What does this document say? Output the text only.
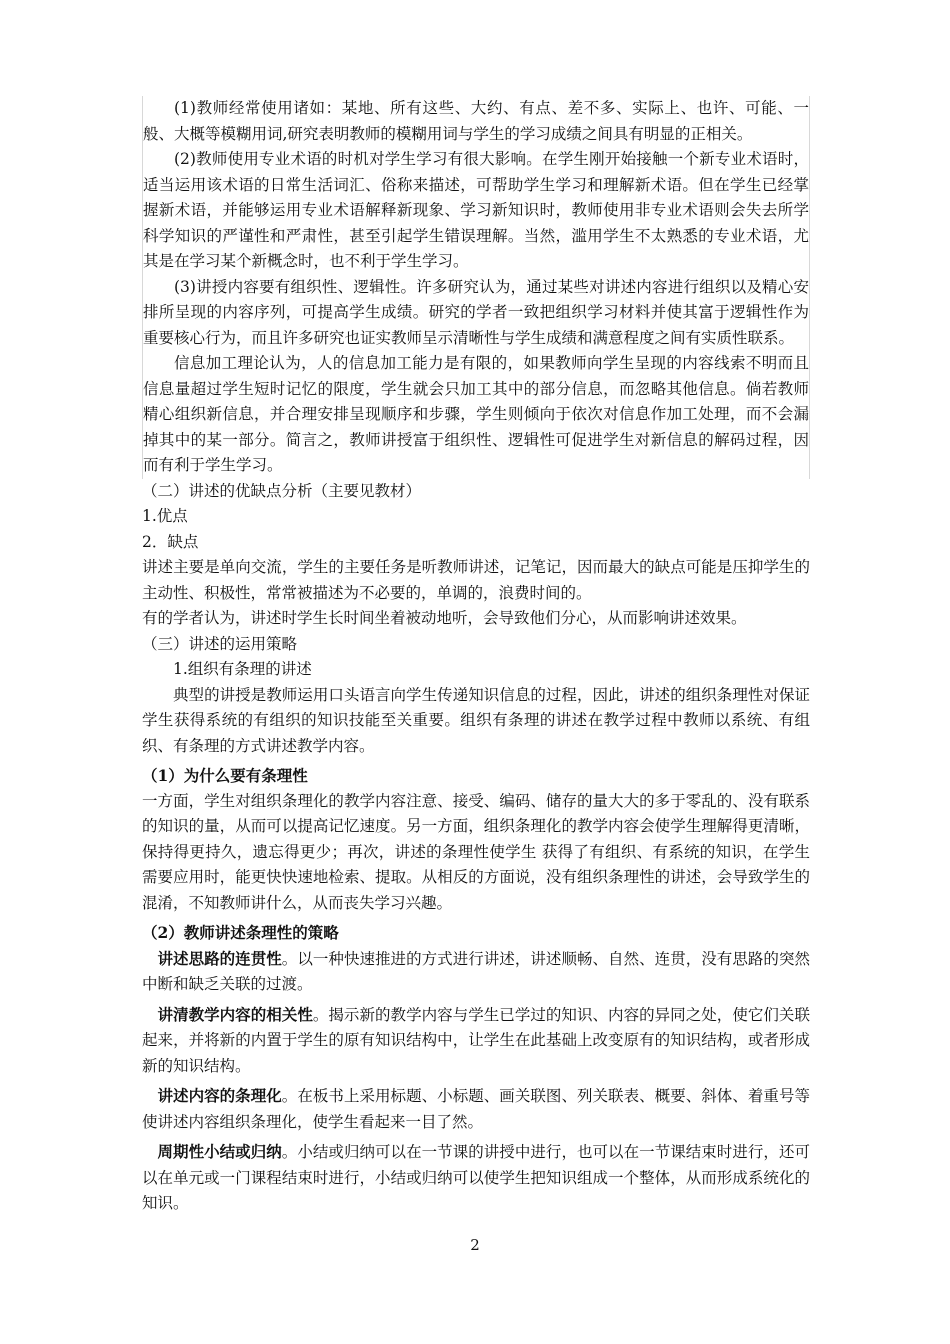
(1)教师经常使用诸如：某地、所有这些、大约、有点、差不多、实际上、也许、可能、一般、大概等模糊用词,研究表明教师的模糊用词与学生的学习成绩之间具有明显的正相关。

(2)教师使用专业术语的时机对学生学习有很大影响。在学生刚开始接触一个新专业术语时，适当运用该术语的日常生活词汇、俗称来描述，可帮助学生学习和理解新术语。但在学生已经掌握新术语，并能够运用专业术语解释新现象、学习新知识时，教师使用非专业术语则会失去所学科学知识的严谨性和严肃性，甚至引起学生错误理解。当然，滥用学生不太熟悉的专业术语，尤其是在学习某个新概念时，也不利于学生学习。

(3)讲授内容要有组织性、逻辑性。许多研究认为，通过某些对讲述内容进行组织以及精心安排所呈现的内容序列，可提高学生成绩。研究的学者一致把组织学习材料并使其富于逻辑性作为重要核心行为，而且许多研究也证实教师呈示清晰性与学生成绩和满意程度之间有实质性联系。

信息加工理论认为，人的信息加工能力是有限的，如果教师向学生呈现的内容线索不明而且信息量超过学生短时记忆的限度，学生就会只加工其中的部分信息，而忽略其他信息。倘若教师精心组织新信息，并合理安排呈现顺序和步骤，学生则倾向于依次对信息作加工处理，而不会漏掉其中的某一部分。简言之，教师讲授富于组织性、逻辑性可促进学生对新信息的解码过程，因而有利于学生学习。

（二）讲述的优缺点分析（主要见教材）

1.优点

2．缺点

讲述主要是单向交流，学生的主要任务是听教师讲述，记笔记，因而最大的缺点可能是压抑学生的主动性、积极性，常常被描述为不必要的，单调的，浪费时间的。

有的学者认为，讲述时学生长时间坐着被动地听，会导致他们分心，从而影响讲述效果。

（三）讲述的运用策略

1.组织有条理的讲述

典型的讲授是教师运用口头语言向学生传递知识信息的过程，因此，讲述的组织条理性对保证学生获得系统的有组织的知识技能至关重要。组织有条理的讲述在教学过程中教师以系统、有组织、有条理的方式讲述教学内容。

（1）为什么要有条理性

一方面，学生对组织条理化的教学内容注意、接受、编码、储存的量大大的多于零乱的、没有联系的知识的量，从而可以提高记忆速度。另一方面，组织条理化的教学内容会使学生理解得更清晰，保持得更持久，遗忘得更少；再次，讲述的条理性使学生 获得了有组织、有系统的知识，在学生需要应用时，能更快快速地检索、提取。从相反的方面说，没有组织条理性的讲述，会导致学生的混淆，不知教师讲什么，从而丧失学习兴趣。

（2）教师讲述条理性的策略

讲述思路的连贯性。以一种快速推进的方式进行讲述，讲述顺畅、自然、连贯，没有思路的突然中断和缺乏关联的过渡。

讲清教学内容的相关性。揭示新的教学内容与学生已学过的知识、内容的异同之处，使它们关联起来，并将新的内置于学生的原有知识结构中，让学生在此基础上改变原有的知识结构，或者形成新的知识结构。

讲述内容的条理化。在板书上采用标题、小标题、画关联图、列关联表、概要、斜体、着重号等使讲述内容组织条理化，使学生看起来一目了然。

周期性小结或归纳。小结或归纳可以在一节课的讲授中进行，也可以在一节课结束时进行，还可以在单元或一门课程结束时进行，小结或归纳可以使学生把知识组成一个整体，从而形成系统化的知识。

2
